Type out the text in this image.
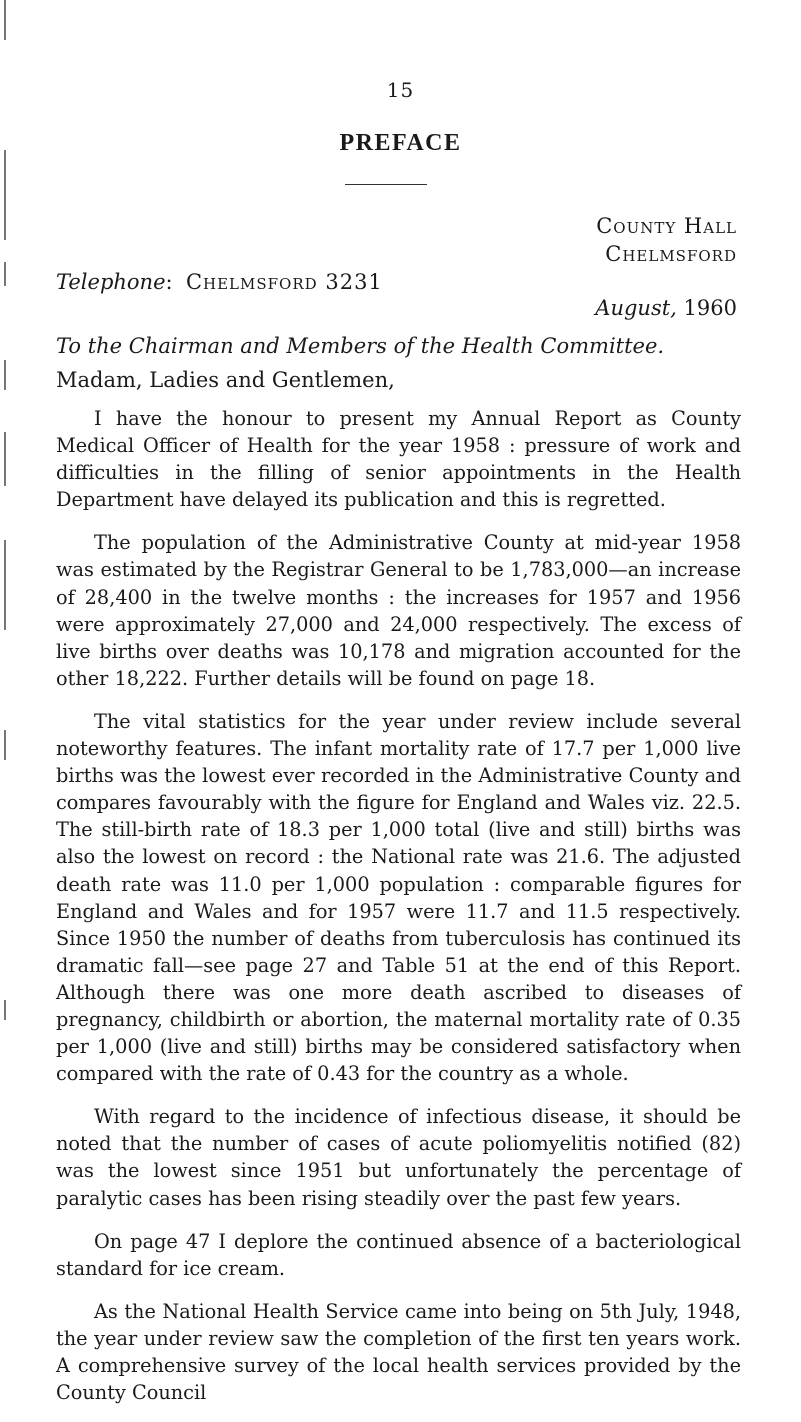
15
PREFACE
County Hall
Chelmsford
Telephone:  Chelmsford 3231
August, 1960
To the Chairman and Members of the Health Committee.
Madam, Ladies and Gentlemen,

I have the honour to present my Annual Report as County Medical Officer of Health for the year 1958 : pressure of work and difficulties in the filling of senior appointments in the Health Department have delayed its publication and this is regretted.

The population of the Administrative County at mid-year 1958 was estimated by the Registrar General to be 1,783,000—an increase of 28,400 in the twelve months : the increases for 1957 and 1956 were approximately 27,000 and 24,000 respectively. The excess of live births over deaths was 10,178 and migration accounted for the other 18,222. Further details will be found on page 18.

The vital statistics for the year under review include several noteworthy features. The infant mortality rate of 17.7 per 1,000 live births was the lowest ever recorded in the Administrative County and compares favourably with the figure for England and Wales viz. 22.5. The still-birth rate of 18.3 per 1,000 total (live and still) births was also the lowest on record : the National rate was 21.6. The adjusted death rate was 11.0 per 1,000 population : comparable figures for England and Wales and for 1957 were 11.7 and 11.5 respectively. Since 1950 the number of deaths from tuberculosis has continued its dramatic fall—see page 27 and Table 51 at the end of this Report. Although there was one more death ascribed to diseases of pregnancy, childbirth or abortion, the maternal mortality rate of 0.35 per 1,000 (live and still) births may be considered satisfactory when compared with the rate of 0.43 for the country as a whole.

With regard to the incidence of infectious disease, it should be noted that the number of cases of acute poliomyelitis notified (82) was the lowest since 1951 but unfortunately the percentage of paralytic cases has been rising steadily over the past few years.

On page 47 I deplore the continued absence of a bacteriological standard for ice cream.

As the National Health Service came into being on 5th July, 1948, the year under review saw the completion of the first ten years work. A comprehensive survey of the local health services provided by the County Council
